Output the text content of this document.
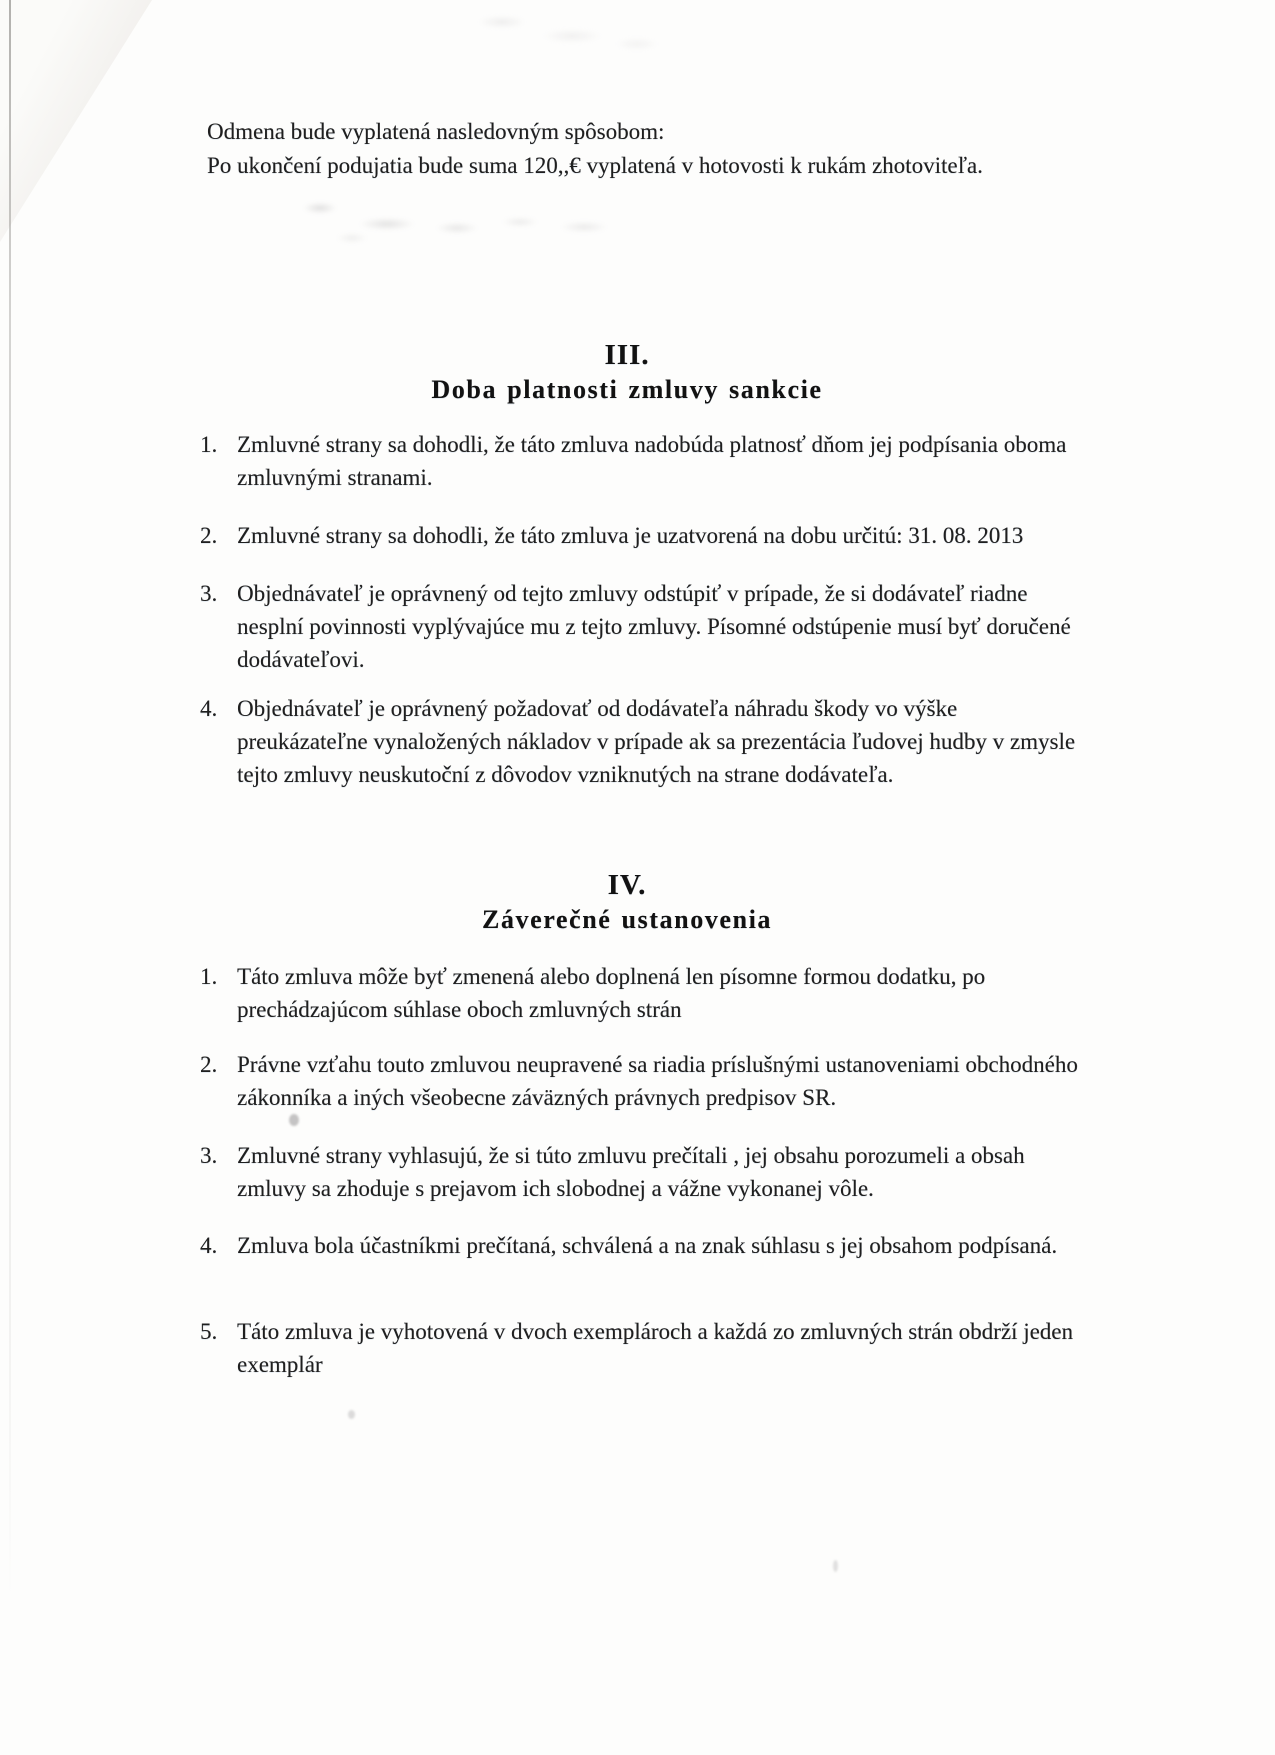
Odmena bude vyplatená nasledovným spôsobom:

Po ukončení podujatia bude suma 120,,€ vyplatená v hotovosti k rukám zhotoviteľa.

III.
Doba platnosti zmluvy sankcie
1. Zmluvné strany sa dohodli, že táto zmluva nadobúda platnosť dňom jej podpísania oboma zmluvnými stranami.
2. Zmluvné strany sa dohodli, že táto zmluva je uzatvorená na dobu určitú: 31. 08. 2013
3. Objednávateľ je oprávnený od tejto zmluvy odstúpiť v prípade, že si dodávateľ riadne nesplní povinnosti vyplývajúce mu z tejto zmluvy. Písomné odstúpenie musí byť doručené dodávateľovi.
4. Objednávateľ je oprávnený požadovať od dodávateľa náhradu škody vo výške preukázateľne vynaložených nákladov v prípade ak sa prezentácia ľudovej hudby v zmysle tejto zmluvy neuskutoční z dôvodov vzniknutých na strane dodávateľa.
IV.
Záverečné ustanovenia
1. Táto zmluva môže byť zmenená alebo doplnená len písomne formou dodatku, po prechádzajúcom súhlase oboch zmluvných strán
2. Právne vzťahu touto zmluvou neupravené sa riadia príslušnými ustanoveniami obchodného zákonníka a iných všeobecne záväzných právnych predpisov SR.
3. Zmluvné strany vyhlasujú, že si túto zmluvu prečítali , jej obsahu porozumeli a obsah zmluvy sa zhoduje s prejavom ich slobodnej a vážne vykonanej vôle.
4. Zmluva bola účastníkmi prečítaná, schválená a na znak súhlasu s jej obsahom podpísaná.
5. Táto zmluva je vyhotovená v dvoch exemplároch a každá zo zmluvných strán obdrží jeden exemplár
